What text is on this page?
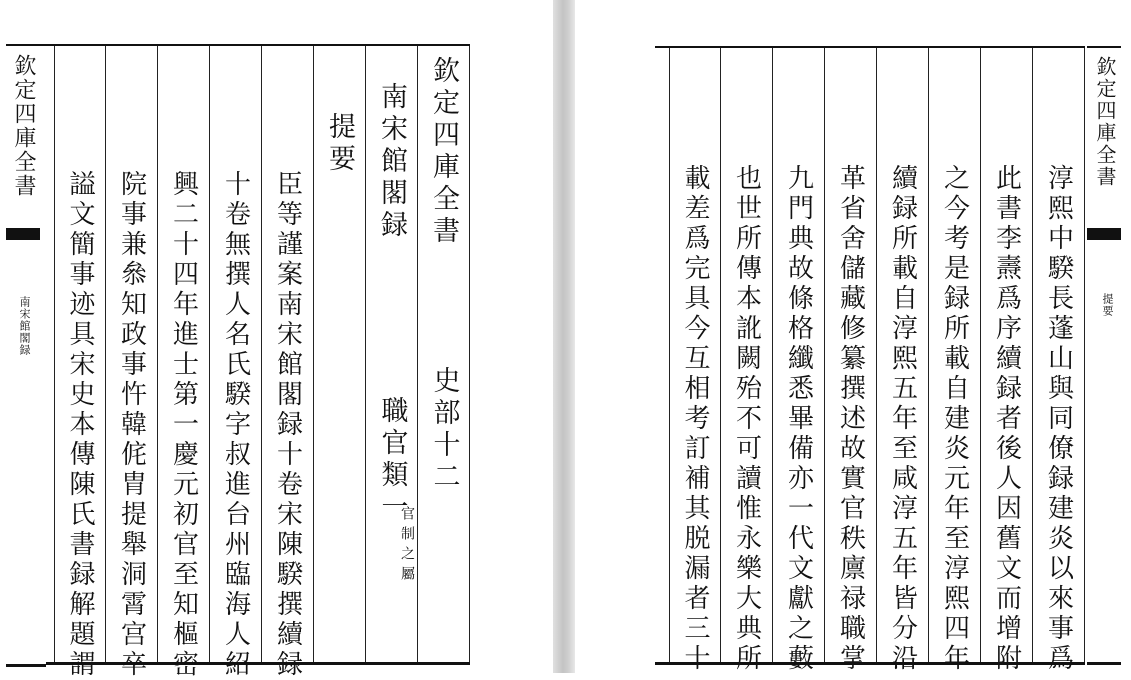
欽定四庫全書
南宋館閣録
欽定四庫全書
史部十二
南宋館閣録
職官類一
官制之屬
提要
臣等謹案南宋館閣録十卷宋陳騤撰續録
十卷無撰人名氏騤字叔進台州臨海人紹
興二十四年進士第一慶元初官至知樞密
院事兼叅知政事忤韓侂胄提舉洞霄宫卒
謚文簡事迹具宋史本傳陳氏書録解題謂	淳熙中騤長蓬山與同僚録建炎以來事爲
此書李燾爲序續録者後人因舊文而增附
之今考是録所載自建炎元年至淳熙四年
續録所載自淳熙五年至咸淳五年皆分沿
革省舍儲藏修纂撰述故實官秩廪禄職掌
九門典故條格纖悉畢備亦一代文獻之藪
也世所傳本訛闕殆不可讀惟永樂大典所
載差爲完具今互相考訂補其脱漏者三十
欽定四庫全書
提要
